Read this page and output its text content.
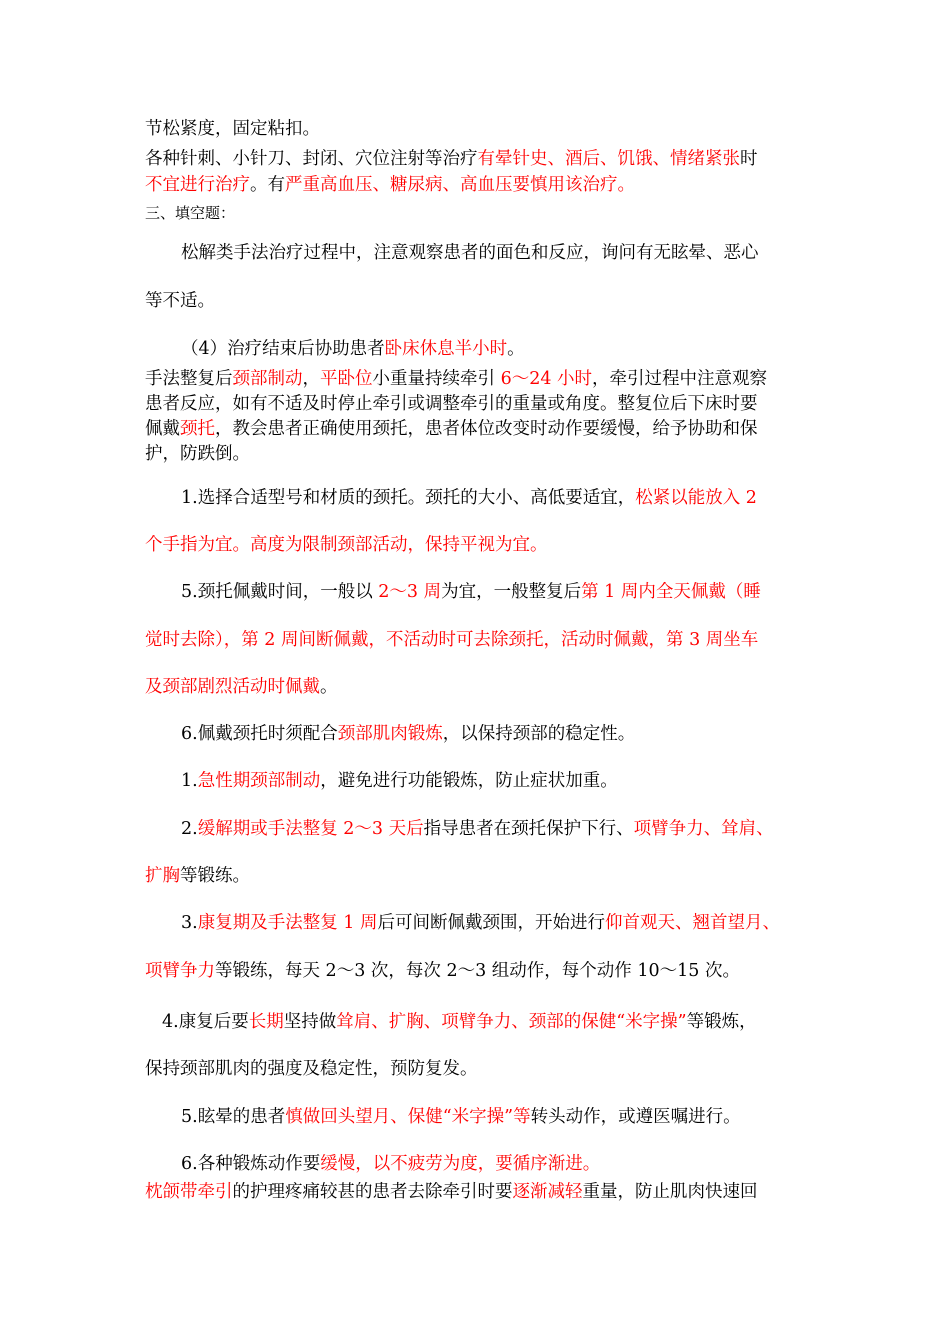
节松紧度，固定粘扣。
各种针刺、小针刀、封闭、穴位注射等治疗有晕针史、酒后、饥饿、情绪紧张时
不宜进行治疗。有严重高血压、糖尿病、高血压要慎用该治疗。
三、填空题：
松解类手法治疗过程中，注意观察患者的面色和反应，询问有无眩晕、恶心
等不适。
（4）治疗结束后协助患者卧床休息半小时。
手法整复后颈部制动，平卧位小重量持续牵引 6～24 小时，牵引过程中注意观察
患者反应，如有不适及时停止牵引或调整牵引的重量或角度。整复位后下床时要
佩戴颈托，教会患者正确使用颈托，患者体位改变时动作要缓慢，给予协助和保
护，防跌倒。
1.选择合适型号和材质的颈托。颈托的大小、高低要适宜，松紧以能放入 2
个手指为宜。高度为限制颈部活动，保持平视为宜。
5.颈托佩戴时间，一般以 2～3 周为宜，一般整复后第 1 周内全天佩戴（睡
觉时去除），第 2 周间断佩戴，不活动时可去除颈托，活动时佩戴，第 3 周坐车
及颈部剧烈活动时佩戴。
6.佩戴颈托时须配合颈部肌肉锻炼，以保持颈部的稳定性。
1.急性期颈部制动，避免进行功能锻炼，防止症状加重。
2.缓解期或手法整复 2～3 天后指导患者在颈托保护下行、项臂争力、耸肩、
扩胸等锻练。
3.康复期及手法整复 1 周后可间断佩戴颈围，开始进行仰首观天、翘首望月、
项臂争力等锻练，每天 2～3 次，每次 2～3 组动作，每个动作 10～15 次。
4.康复后要长期坚持做耸肩、扩胸、项臂争力、颈部的保健“米字操”等锻炼，
保持颈部肌肉的强度及稳定性，预防复发。
5.眩晕的患者慎做回头望月、保健“米字操”等转头动作，或遵医嘱进行。
6.各种锻炼动作要缓慢，以不疲劳为度，要循序渐进。
枕颌带牵引的护理疼痛较甚的患者去除牵引时要逐渐减轻重量，防止肌肉快速回
